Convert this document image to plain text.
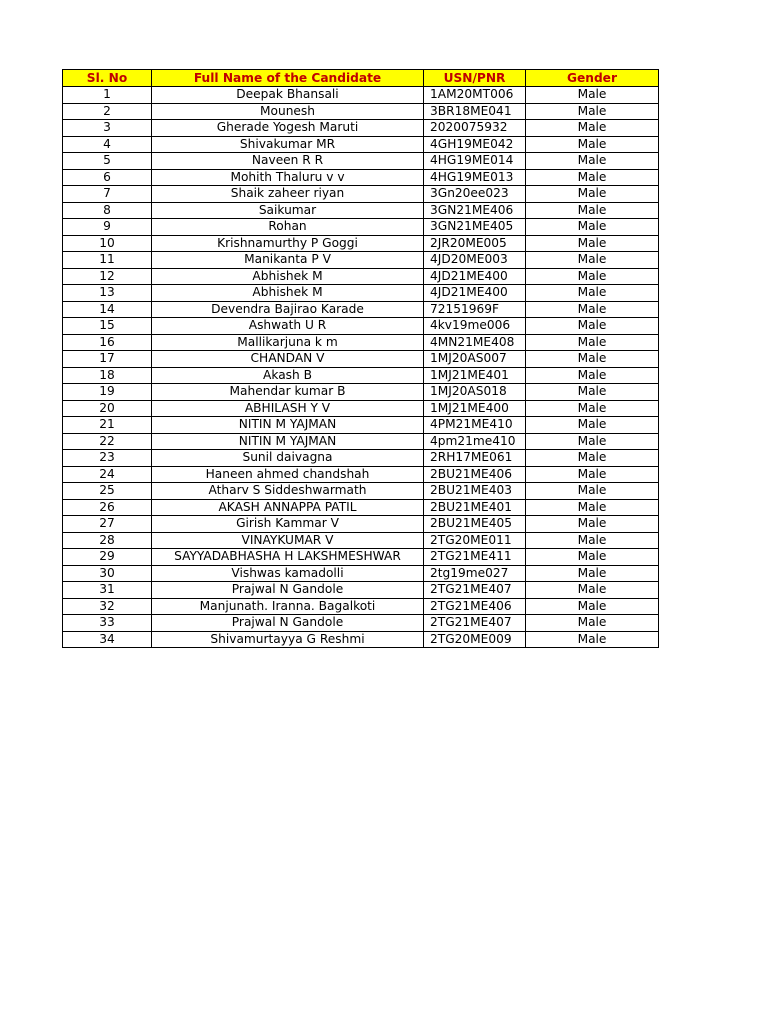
Sl. No	Full Name of the Candidate	USN/PNR	Gender
1	Deepak Bhansali	1AM20MT006	Male
2	Mounesh	3BR18ME041	Male
3	Gherade Yogesh Maruti	2020075932	Male
4	Shivakumar MR	4GH19ME042	Male
5	Naveen R R	4HG19ME014	Male
6	Mohith Thaluru v v	4HG19ME013	Male
7	Shaik zaheer riyan	3Gn20ee023	Male
8	Saikumar	3GN21ME406	Male
9	Rohan	3GN21ME405	Male
10	Krishnamurthy P Goggi	2JR20ME005	Male
11	Manikanta P V	4JD20ME003	Male
12	Abhishek M	4JD21ME400	Male
13	Abhishek M	4JD21ME400	Male
14	Devendra Bajirao Karade	72151969F	Male
15	Ashwath U R	4kv19me006	Male
16	Mallikarjuna k m	4MN21ME408	Male
17	CHANDAN V	1MJ20AS007	Male
18	Akash B	1MJ21ME401	Male
19	Mahendar kumar B	1MJ20AS018	Male
20	ABHILASH Y V	1MJ21ME400	Male
21	NITIN M YAJMAN	4PM21ME410	Male
22	NITIN M YAJMAN	4pm21me410	Male
23	Sunil daivagna	2RH17ME061	Male
24	Haneen ahmed chandshah	2BU21ME406	Male
25	Atharv S Siddeshwarmath	2BU21ME403	Male
26	AKASH ANNAPPA PATIL	2BU21ME401	Male
27	Girish Kammar V	2BU21ME405	Male
28	VINAYKUMAR V	2TG20ME011	Male
29	SAYYADABHASHA H LAKSHMESHWAR	2TG21ME411	Male
30	Vishwas kamadolli	2tg19me027	Male
31	Prajwal N Gandole	2TG21ME407	Male
32	Manjunath. Iranna. Bagalkoti	2TG21ME406	Male
33	Prajwal N Gandole	2TG21ME407	Male
34	Shivamurtayya G Reshmi	2TG20ME009	Male
